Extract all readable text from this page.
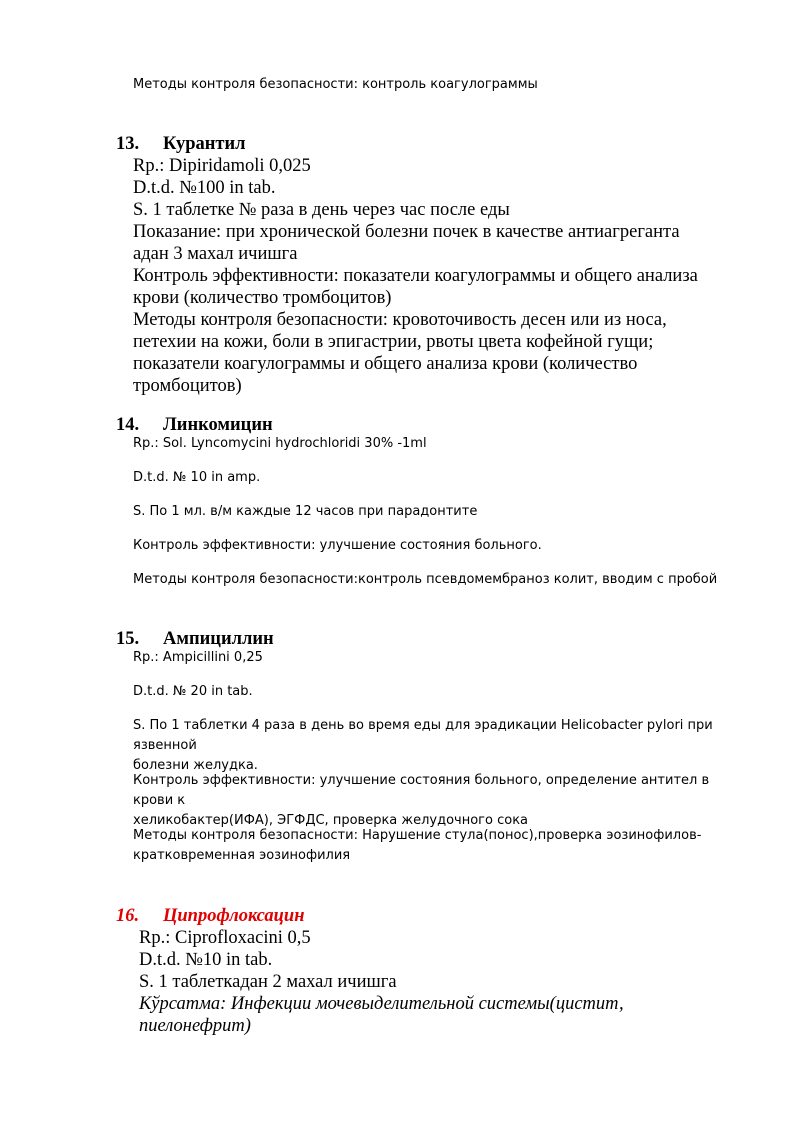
Методы контроля безопасности: контроль коагулограммы
13. Курантил

Rp.: Dipiridamoli 0,025

D.t.d. №100 in tab.

S. 1 таблетке № раза в день через час после еды

Показание: при хронической болезни почек в качестве антиагреганта

адан 3 махал ичишга

Контроль эффективности: показатели коагулограммы и общего анализа

крови (количество тромбоцитов)

Методы контроля безопасности: кровоточивость десен или из носа,

петехии на кожи, боли в эпигастрии, рвоты цвета кофейной гущи;

показатели коагулограммы и общего анализа крови (количество

тромбоцитов)

14. Линкомицин
Rp.: Sol. Lyncomycini hydrochloridi 30% -1ml
D.t.d. № 10 in amp.
S. По 1 мл. в/м каждые 12 часов при парадонтите
Контроль эффективности: улучшение состояния больного.
Методы контроля безопасности:контроль псевдомембраноз колит, вводим с пробой
15. Ампициллин
Rp.: Ampicillini 0,25
D.t.d. № 20 in tab.

S. По 1 таблетки 4 раза в день во время еды для эрадикации Helicobacter pylori при язвенной

болезни желудка.

Контроль эффективности: улучшение состояния больного, определение антител в крови к

хеликобактер(ИФА), ЭГФДС, проверка желудочного сока

Методы контроля безопасности: Нарушение стула(понос),проверка эозинофилов-

кратковременная эозинофилия

16. Ципрофлоксацин

Rp.: Ciprofloxacini 0,5

D.t.d. №10 in tab.

S. 1 таблеткадан 2 махал ичишга

Кўрсатма: Инфекции мочевыделительной системы(цистит,

пиелонефрит)
